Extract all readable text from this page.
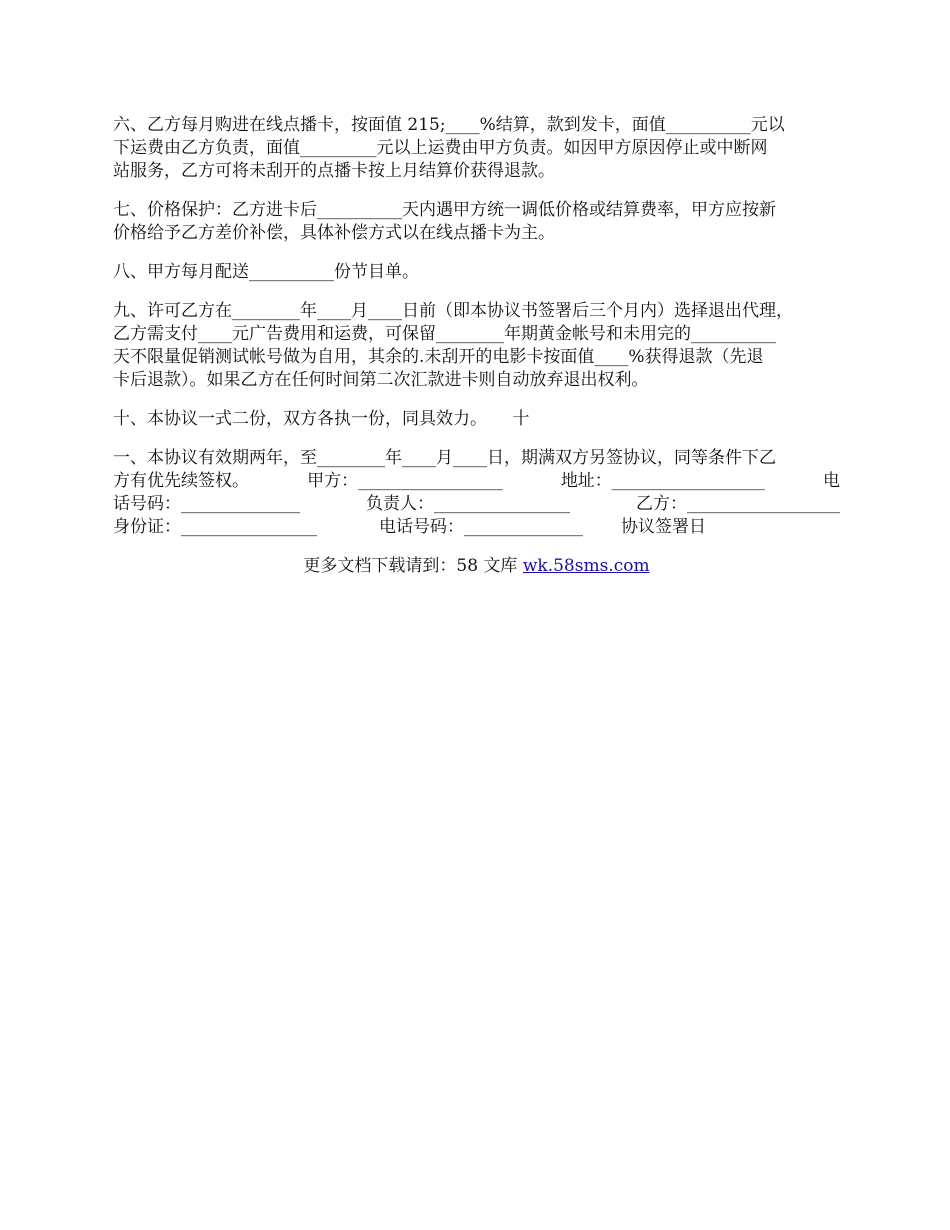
六、乙方每月购进在线点播卡，按面值 215;____%结算，款到发卡，面值__________元以
下运费由乙方负责，面值_________元以上运费由甲方负责。如因甲方原因停止或中断网
站服务，乙方可将未刮开的点播卡按上月结算价获得退款。
七、价格保护：乙方进卡后__________天内遇甲方统一调低价格或结算费率，甲方应按新
价格给予乙方差价补偿，具体补偿方式以在线点播卡为主。
八、甲方每月配送__________份节目单。
九、许可乙方在________年____月____日前（即本协议书签署后三个月内）选择退出代理，
乙方需支付____元广告费用和运费，可保留________年期黄金帐号和未用完的__________
天不限量促销测试帐号做为自用，其余的.未刮开的电影卡按面值____%获得退款（先退
卡后退款）。如果乙方在任何时间第二次汇款进卡则自动放弃退出权利。
十、本协议一式二份，双方各执一份，同具效力。　　十
一、本协议有效期两年，至________年____月____日，期满双方另签协议，同等条件下乙
方有优先续签权。	甲方：_________________	地址：__________________	电
话号码：______________	负责人：________________	乙方：__________________
身份证：________________	电话号码：______________ 协议签署日
更多文档下载请到：58 文库 wk.58sms.com
